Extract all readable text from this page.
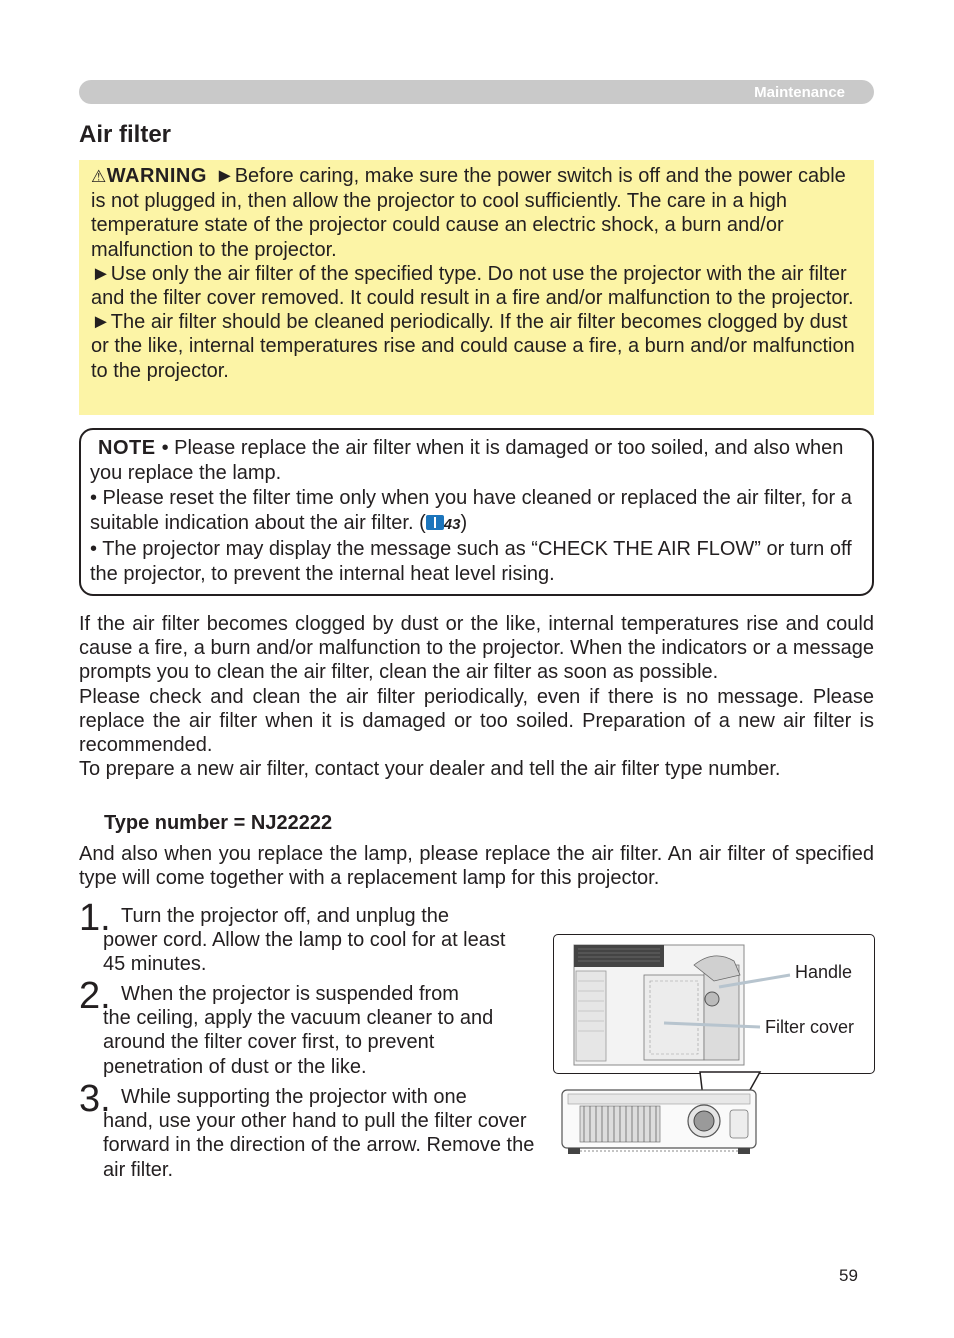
Maintenance
Air filter

⚠WARNING ►Before caring, make sure the power switch is off and the power cable is not plugged in, then allow the projector to cool sufficiently. The care in a high temperature state of the projector could cause an electric shock, a burn and/or malfunction to the projector.

►Use only the air filter of the specified type. Do not use the projector with the air filter and the filter cover removed. It could result in a fire and/or malfunction to the projector.

►The air filter should be cleaned periodically. If the air filter becomes clogged by dust or the like, internal temperatures rise and could cause a fire, a burn and/or malfunction to the projector.

NOTE • Please replace the air filter when it is damaged or too soiled, and also when you replace the lamp.

• Please reset the filter time only when you have cleaned or replaced the air filter, for a suitable indication about the air filter. ( 43)

• The projector may display the message such as “CHECK THE AIR FLOW” or turn off the projector, to prevent the internal heat level rising.

If the air filter becomes clogged by dust or the like, internal temperatures rise and could cause a fire, a burn and/or malfunction to the projector. When the indicators or a message prompts you to clean the air filter, clean the air filter as soon as possible.

Please check and clean the air filter periodically, even if there is no message. Please replace the air filter when it is damaged or too soiled. Preparation of a new air filter is recommended.

To prepare a new air filter, contact your dealer and tell the air filter type number.

Type number = NJ22222

And also when you replace the lamp, please replace the air filter. An air filter of specified type will come together with a replacement lamp for this projector.

1. Turn the projector off, and unplug the
power cord. Allow the lamp to cool for at least 45 minutes.
2. When the projector is suspended from
the ceiling, apply the vacuum cleaner to and around the filter cover first, to prevent penetration of dust or the like.
3. While supporting the projector with one
hand, use your other hand to pull the filter cover forward in the direction of the arrow. Remove the air filter.
Handle
Filter cover
59
